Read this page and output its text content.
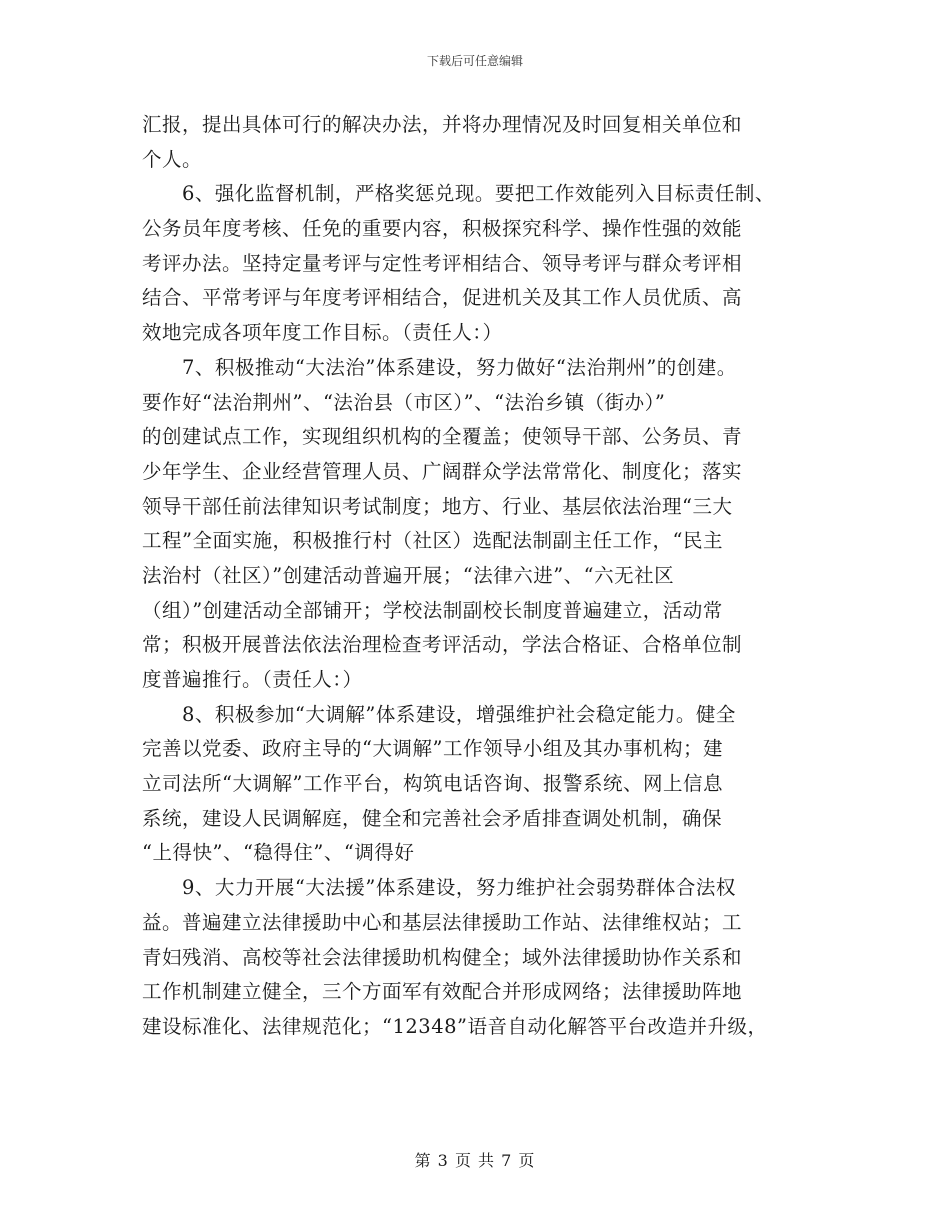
下载后可任意编辑
汇报，提出具体可行的解决办法，并将办理情况及时回复相关单位和
个人。
6、强化监督机制，严格奖惩兑现。要把工作效能列入目标责任制、
公务员年度考核、任免的重要内容，积极探究科学、操作性强的效能
考评办法。坚持定量考评与定性考评相结合、领导考评与群众考评相
结合、平常考评与年度考评相结合，促进机关及其工作人员优质、高
效地完成各项年度工作目标。（责任人：）
7、积极推动“大法治”体系建设，努力做好“法治荆州”的创建。
要作好“法治荆州”、“法治县（市区）”、“法治乡镇（街办）”
的创建试点工作，实现组织机构的全覆盖；使领导干部、公务员、青
少年学生、企业经营管理人员、广阔群众学法常常化、制度化；落实
领导干部任前法律知识考试制度；地方、行业、基层依法治理“三大
工程”全面实施，积极推行村（社区）选配法制副主任工作，“民主
法治村（社区）”创建活动普遍开展；“法律六进”、“六无社区
（组）”创建活动全部铺开；学校法制副校长制度普遍建立，活动常
常；积极开展普法依法治理检查考评活动，学法合格证、合格单位制
度普遍推行。（责任人：）
8、积极参加“大调解”体系建设，增强维护社会稳定能力。健全
完善以党委、政府主导的“大调解”工作领导小组及其办事机构；建
立司法所“大调解”工作平台，构筑电话咨询、报警系统、网上信息
系统，建设人民调解庭，健全和完善社会矛盾排查调处机制，确保
“上得快”、“稳得住”、“调得好
9、大力开展“大法援”体系建设，努力维护社会弱势群体合法权
益。普遍建立法律援助中心和基层法律援助工作站、法律维权站；工
青妇残消、高校等社会法律援助机构健全；域外法律援助协作关系和
工作机制建立健全，三个方面军有效配合并形成网络；法律援助阵地
建设标准化、法律规范化；“12348”语音自动化解答平台改造并升级，
第 3 页 共 7 页
